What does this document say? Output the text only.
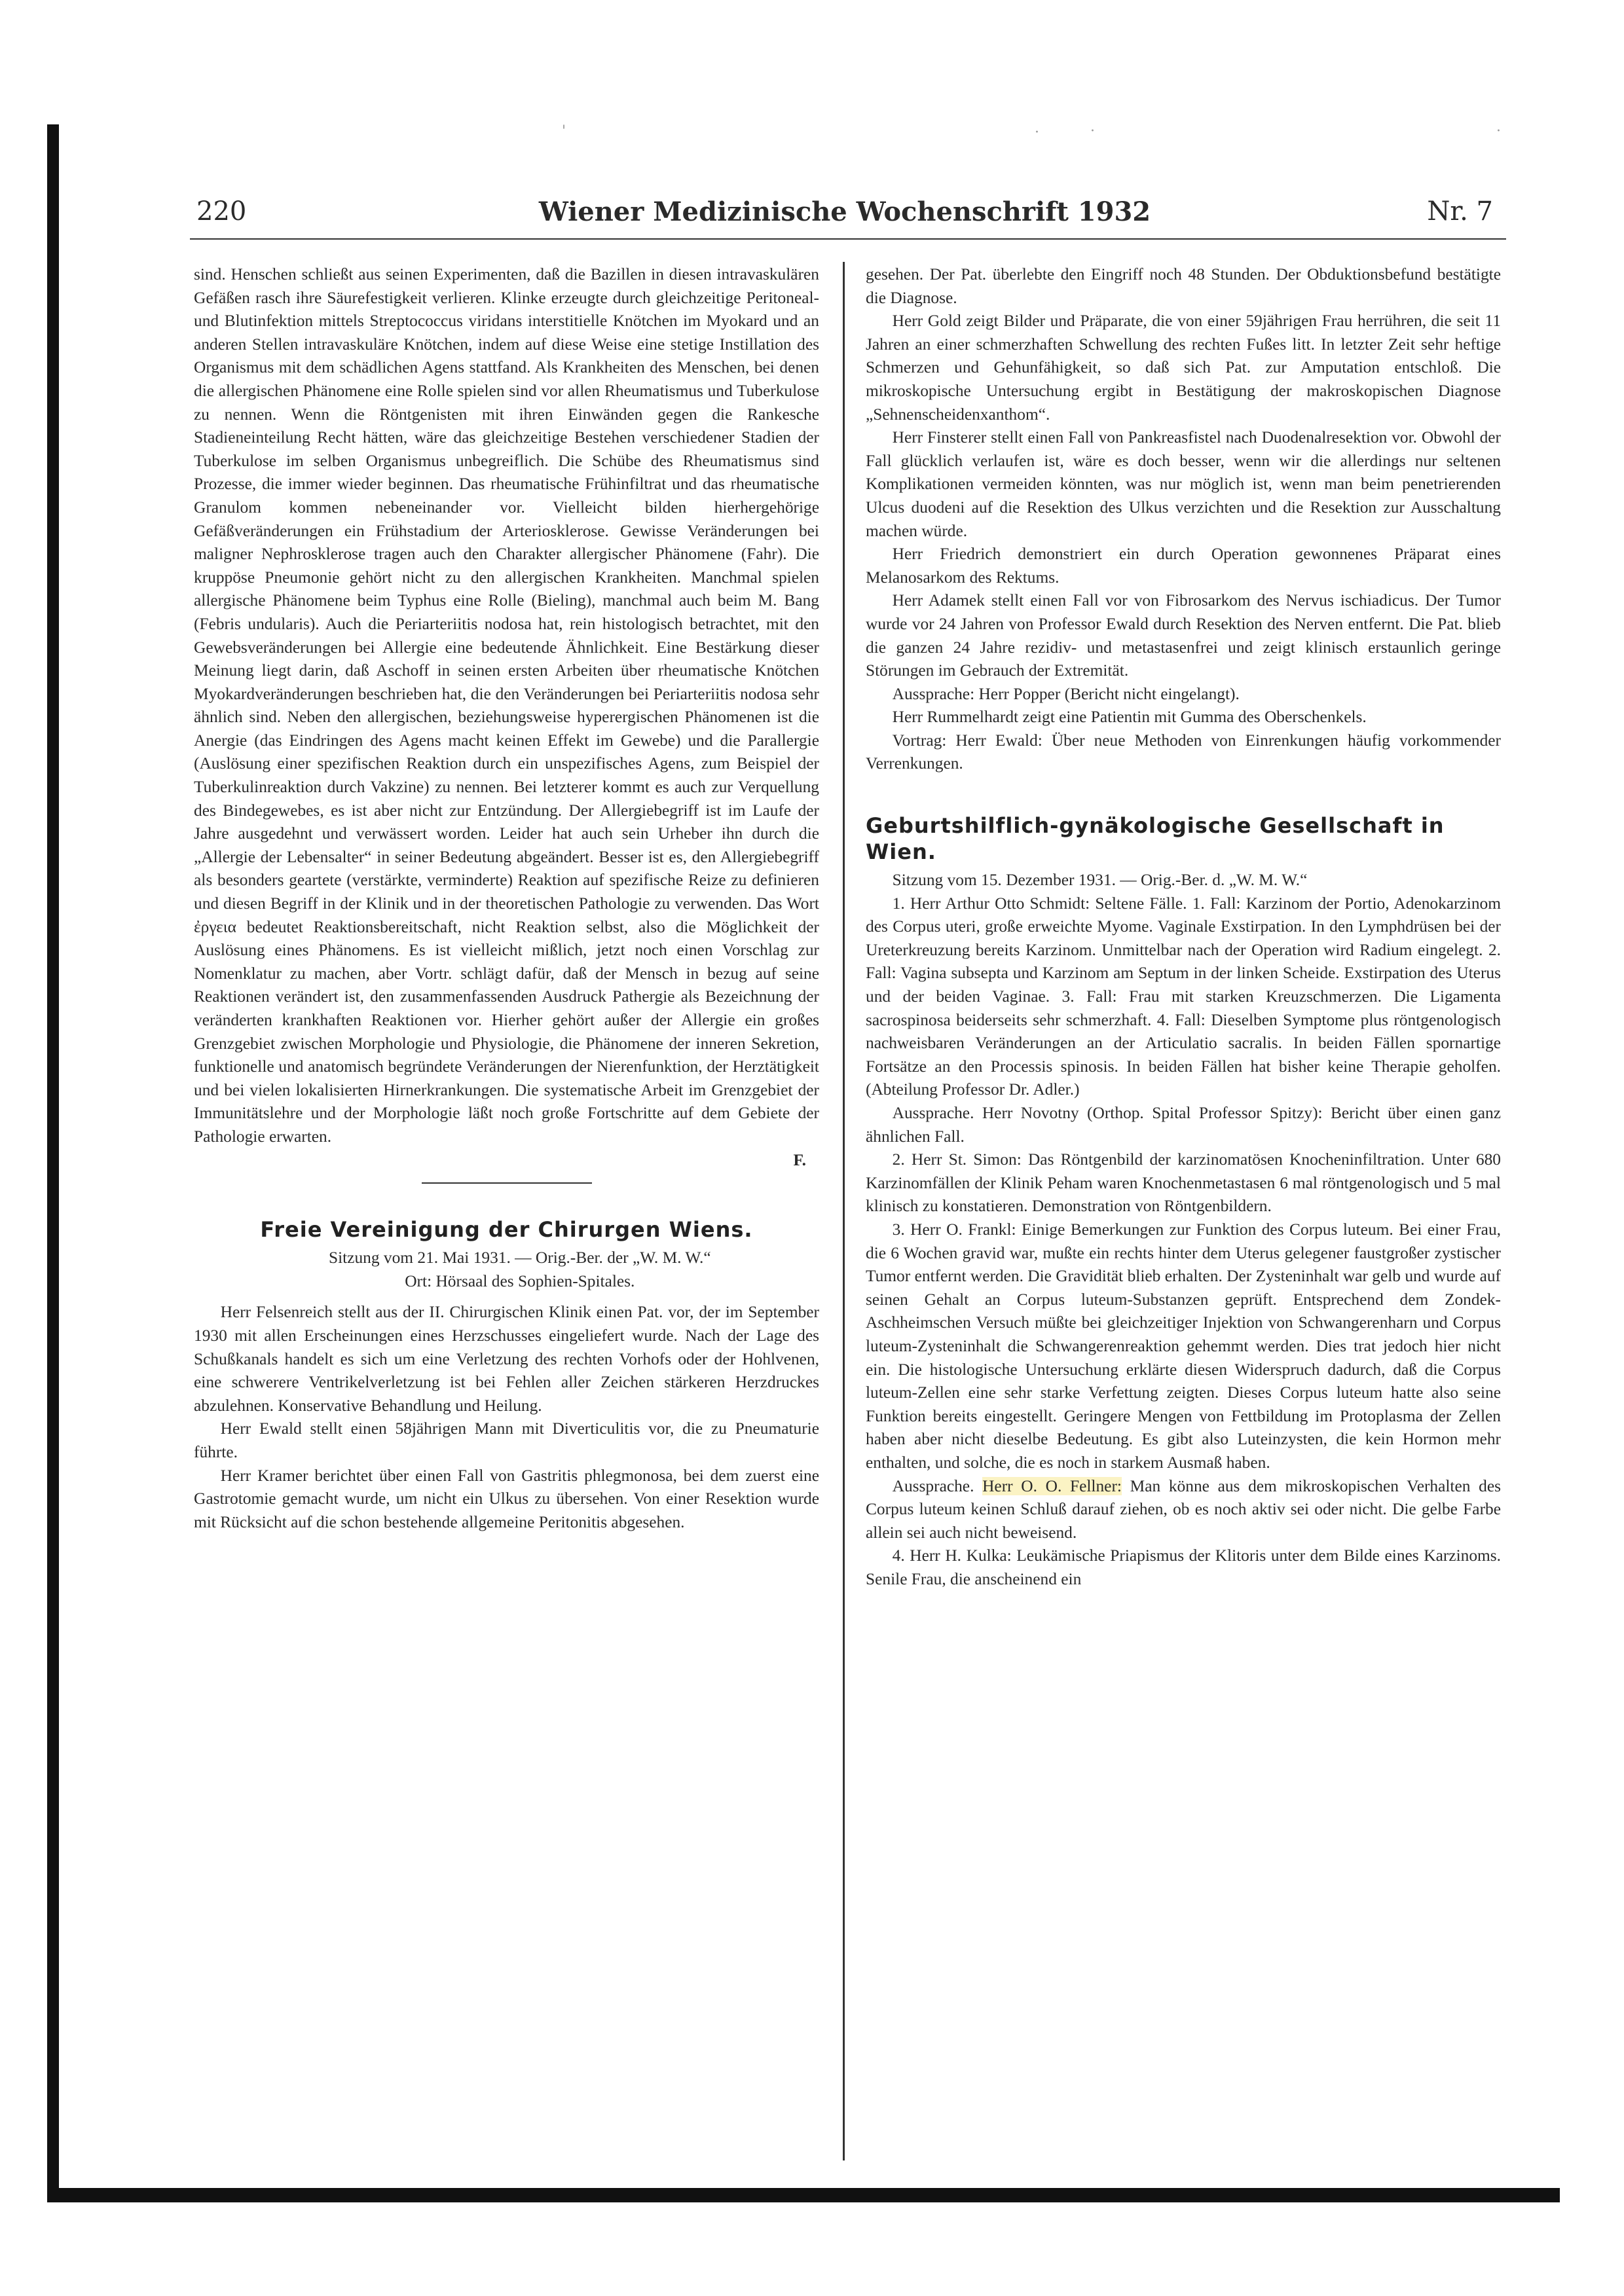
'	·	·	·
220	Wiener Medizinische Wochenschrift 1932	Nr. 7

sind. Henschen schließt aus seinen Experimenten, daß die Bazillen in diesen intravaskulären Gefäßen rasch ihre Säurefestigkeit verlieren. Klinke erzeugte durch gleichzeitige Peritoneal- und Blutinfektion mittels Streptococcus viridans interstitielle Knötchen im Myokard und an anderen Stellen intravaskuläre Knötchen, indem auf diese Weise eine stetige Instillation des Organismus mit dem schädlichen Agens stattfand. Als Krankheiten des Menschen, bei denen die allergischen Phänomene eine Rolle spielen sind vor allen Rheumatismus und Tuberkulose zu nennen. Wenn die Röntgenisten mit ihren Einwänden gegen die Rankesche Stadieneinteilung Recht hätten, wäre das gleichzeitige Bestehen verschiedener Stadien der Tuberkulose im selben Organismus unbegreiflich. Die Schübe des Rheumatismus sind Prozesse, die immer wieder beginnen. Das rheumatische Frühinfiltrat und das rheumatische Granulom kommen nebeneinander vor. Vielleicht bilden hierhergehörige Gefäßveränderungen ein Frühstadium der Arteriosklerose. Gewisse Veränderungen bei maligner Nephrosklerose tragen auch den Charakter allergischer Phänomene (Fahr). Die kruppöse Pneumonie gehört nicht zu den allergischen Krankheiten. Manchmal spielen allergische Phänomene beim Typhus eine Rolle (Bieling), manchmal auch beim M. Bang (Febris undularis). Auch die Periarteriitis nodosa hat, rein histologisch betrachtet, mit den Gewebsveränderungen bei Allergie eine bedeutende Ähnlichkeit. Eine Bestärkung dieser Meinung liegt darin, daß Aschoff in seinen ersten Arbeiten über rheumatische Knötchen Myokardveränderungen beschrieben hat, die den Veränderungen bei Periarteriitis nodosa sehr ähnlich sind. Neben den allergischen, beziehungsweise hyperergischen Phänomenen ist die Anergie (das Eindringen des Agens macht keinen Effekt im Gewebe) und die Parallergie (Auslösung einer spezifischen Reaktion durch ein unspezifisches Agens, zum Beispiel der Tuberkulinreaktion durch Vakzine) zu nennen. Bei letzterer kommt es auch zur Verquellung des Bindegewebes, es ist aber nicht zur Entzündung. Der Allergiebegriff ist im Laufe der Jahre ausgedehnt und verwässert worden. Leider hat auch sein Urheber ihn durch die „Allergie der Lebensalter“ in seiner Bedeutung abgeändert. Besser ist es, den Allergiebegriff als besonders geartete (verstärkte, verminderte) Reaktion auf spezifische Reize zu definieren und diesen Begriff in der Klinik und in der theoretischen Pathologie zu verwenden. Das Wort ἐργεια bedeutet Reaktionsbereitschaft, nicht Reaktion selbst, also die Möglichkeit der Auslösung eines Phänomens. Es ist vielleicht mißlich, jetzt noch einen Vorschlag zur Nomenklatur zu machen, aber Vortr. schlägt dafür, daß der Mensch in bezug auf seine Reaktionen verändert ist, den zusammenfassenden Ausdruck Pathergie als Bezeichnung der veränderten krankhaften Reaktionen vor. Hierher gehört außer der Allergie ein großes Grenzgebiet zwischen Morphologie und Physiologie, die Phänomene der inneren Sekretion, funktionelle und anatomisch begründete Veränderungen der Nierenfunktion, der Herztätigkeit und bei vielen lokalisierten Hirnerkrankungen. Die systematische Arbeit im Grenzgebiet der Immunitätslehre und der Morphologie läßt noch große Fortschritte auf dem Gebiete der Pathologie erwarten.

F.

Freie Vereinigung der Chirurgen Wiens.

Sitzung vom 21. Mai 1931. — Orig.-Ber. der „W. M. W.“

Ort: Hörsaal des Sophien-Spitales.

Herr Felsenreich stellt aus der II. Chirurgischen Klinik einen Pat. vor, der im September 1930 mit allen Erscheinungen eines Herzschusses eingeliefert wurde. Nach der Lage des Schußkanals handelt es sich um eine Verletzung des rechten Vorhofs oder der Hohlvenen, eine schwerere Ventrikelverletzung ist bei Fehlen aller Zeichen stärkeren Herzdruckes abzulehnen. Konservative Behandlung und Heilung.

Herr Ewald stellt einen 58jährigen Mann mit Diverticulitis vor, die zu Pneumaturie führte.

Herr Kramer berichtet über einen Fall von Gastritis phlegmonosa, bei dem zuerst eine Gastrotomie gemacht wurde, um nicht ein Ulkus zu übersehen. Von einer Resektion wurde mit Rücksicht auf die schon bestehende allgemeine Peritonitis abgesehen.

gesehen. Der Pat. überlebte den Eingriff noch 48 Stunden. Der Obduktionsbefund bestätigte die Diagnose.

Herr Gold zeigt Bilder und Präparate, die von einer 59jährigen Frau herrühren, die seit 11 Jahren an einer schmerzhaften Schwellung des rechten Fußes litt. In letzter Zeit sehr heftige Schmerzen und Gehunfähigkeit, so daß sich Pat. zur Amputation entschloß. Die mikroskopische Untersuchung ergibt in Bestätigung der makroskopischen Diagnose „Sehnenscheidenxanthom“.

Herr Finsterer stellt einen Fall von Pankreasfistel nach Duodenalresektion vor. Obwohl der Fall glücklich verlaufen ist, wäre es doch besser, wenn wir die allerdings nur seltenen Komplikationen vermeiden könnten, was nur möglich ist, wenn man beim penetrierenden Ulcus duodeni auf die Resektion des Ulkus verzichten und die Resektion zur Ausschaltung machen würde.

Herr Friedrich demonstriert ein durch Operation gewonnenes Präparat eines Melanosarkom des Rektums.

Herr Adamek stellt einen Fall vor von Fibrosarkom des Nervus ischiadicus. Der Tumor wurde vor 24 Jahren von Professor Ewald durch Resektion des Nerven entfernt. Die Pat. blieb die ganzen 24 Jahre rezidiv- und metastasenfrei und zeigt klinisch erstaunlich geringe Störungen im Gebrauch der Extremität.

Aussprache: Herr Popper (Bericht nicht eingelangt).

Herr Rummelhardt zeigt eine Patientin mit Gumma des Oberschenkels.

Vortrag: Herr Ewald: Über neue Methoden von Einrenkungen häufig vorkommender Verrenkungen.

Geburtshilflich-gynäkologische Gesellschaft in Wien.

Sitzung vom 15. Dezember 1931. — Orig.-Ber. d. „W. M. W.“

1. Herr Arthur Otto Schmidt: Seltene Fälle. 1. Fall: Karzinom der Portio, Adenokarzinom des Corpus uteri, große erweichte Myome. Vaginale Exstirpation. In den Lymphdrüsen bei der Ureterkreuzung bereits Karzinom. Unmittelbar nach der Operation wird Radium eingelegt. 2. Fall: Vagina subsepta und Karzinom am Septum in der linken Scheide. Exstirpation des Uterus und der beiden Vaginae. 3. Fall: Frau mit starken Kreuzschmerzen. Die Ligamenta sacrospinosa beiderseits sehr schmerzhaft. 4. Fall: Dieselben Symptome plus röntgenologisch nachweisbaren Veränderungen an der Articulatio sacralis. In beiden Fällen spornartige Fortsätze an den Processis spinosis. In beiden Fällen hat bisher keine Therapie geholfen. (Abteilung Professor Dr. Adler.)

Aussprache. Herr Novotny (Orthop. Spital Professor Spitzy): Bericht über einen ganz ähnlichen Fall.

2. Herr St. Simon: Das Röntgenbild der karzinomatösen Knocheninfiltration. Unter 680 Karzinomfällen der Klinik Peham waren Knochenmetastasen 6 mal röntgenologisch und 5 mal klinisch zu konstatieren. Demonstration von Röntgenbildern.

3. Herr O. Frankl: Einige Bemerkungen zur Funktion des Corpus luteum. Bei einer Frau, die 6 Wochen gravid war, mußte ein rechts hinter dem Uterus gelegener faustgroßer zystischer Tumor entfernt werden. Die Gravidität blieb erhalten. Der Zysteninhalt war gelb und wurde auf seinen Gehalt an Corpus luteum-Substanzen geprüft. Entsprechend dem Zondek-Aschheimschen Versuch müßte bei gleichzeitiger Injektion von Schwangerenharn und Corpus luteum-Zysteninhalt die Schwangerenreaktion gehemmt werden. Dies trat jedoch hier nicht ein. Die histologische Untersuchung erklärte diesen Widerspruch dadurch, daß die Corpus luteum-Zellen eine sehr starke Verfettung zeigten. Dieses Corpus luteum hatte also seine Funktion bereits eingestellt. Geringere Mengen von Fettbildung im Protoplasma der Zellen haben aber nicht dieselbe Bedeutung. Es gibt also Luteinzysten, die kein Hormon mehr enthalten, und solche, die es noch in starkem Ausmaß haben.

Aussprache. Herr O. O. Fellner: Man könne aus dem mikroskopischen Verhalten des Corpus luteum keinen Schluß darauf ziehen, ob es noch aktiv sei oder nicht. Die gelbe Farbe allein sei auch nicht beweisend.

4. Herr H. Kulka: Leukämische Priapismus der Klitoris unter dem Bilde eines Karzinoms. Senile Frau, die anscheinend ein
